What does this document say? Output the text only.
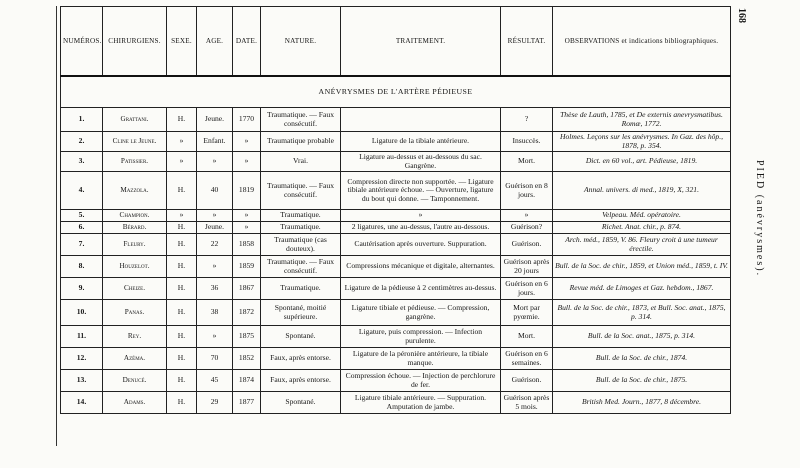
NUMÉROS.	CHIRURGIENS.	SEXE.	AGE.	DATE.	NATURE.	TRAITEMENT.	RÉSULTAT.	OBSERVATIONS et indications bibliographiques.
ANÉVRYSMES DE L'ARTÈRE PÉDIEUSE								
1.	Grattani.	H.	Jeune.	1770	Traumatique. — Faux consécutif.		?	Thèse de Lauth, 1785, et De externis anevrysmatibus. Romæ, 1772.
2.	Cline le Jeune.	»	Enfant.	»	Traumatique probable	Ligature de la tibiale antérieure.	Insuccès.	Holmes. Leçons sur les anévrysmes. In Gaz. des hôp., 1878, p. 354.
3.	Patissier.	»	»	»	Vrai.	Ligature au-dessus et au-dessous du sac. Gangrène.	Mort.	Dict. en 60 vol., art. Pédieuse, 1819.
4.	Mazzola.	H.	40	1819	Traumatique. — Faux consécutif.	Compression directe non supportée. — Ligature tibiale antérieure échoue. — Ouverture, ligature du bout qui donne. — Tamponnement.	Guérison en 8 jours.	Annal. univers. di med., 1819, X, 321.
5.	Champion.	»	»	»	Traumatique.	»	»	Velpeau. Méd. opératoire.
6.	Bérard.	H.	Jeune.	»	Traumatique.	2 ligatures, une au-dessus, l'autre au-dessous.	Guérison?	Richet. Anat. chir., p. 874.
7.	Fleury.	H.	22	1858	Traumatique (cas douteux).	Cautérisation après ouverture. Suppuration.	Guérison.	Arch. méd., 1859, V. 86. Fleury croit à une tumeur érectile.
8.	Houzelot.	H.	»	1859	Traumatique. — Faux consécutif.	Compressions mécanique et digitale, alternantes.	Guérison après 20 jours	Bull. de la Soc. de chir., 1859, et Union méd., 1859, t. IV.
9.	Cheize.	H.	36	1867	Traumatique.	Ligature de la pédieuse à 2 centimètres au-dessus.	Guérison en 6 jours.	Revue méd. de Limoges et Gaz. hebdom., 1867.
10.	Panas.	H.	38	1872	Spontané, moitié supérieure.	Ligature tibiale et pédieuse. — Compression, gangrène.	Mort par pyœmie.	Bull. de la Soc. de chir., 1873, et Bull. Soc. anat., 1875, p. 314.
11.	Rey.	H.	»	1875	Spontané.	Ligature, puis compression. — Infection purulente.	Mort.	Bull. de la Soc. anat., 1875, p. 314.
12.	Azéma.	H.	70	1852	Faux, après entorse.	Ligature de la péronière antérieure, la tibiale manque.	Guérison en 6 semaines.	Bull. de la Soc. de chir., 1874.
13.	Denucé.	H.	45	1874	Faux, après entorse.	Compression échoue. — Injection de perchlorure de fer.	Guérison.	Bull. de la Soc. de chir., 1875.
14.	Adams.	H.	29	1877	Spontané.	Ligature tibiale antérieure. — Suppuration. Amputation de jambe.	Guérison après 5 mois.	British Med. Journ., 1877, 8 décembre.
168
PIED (anévrysmes).
